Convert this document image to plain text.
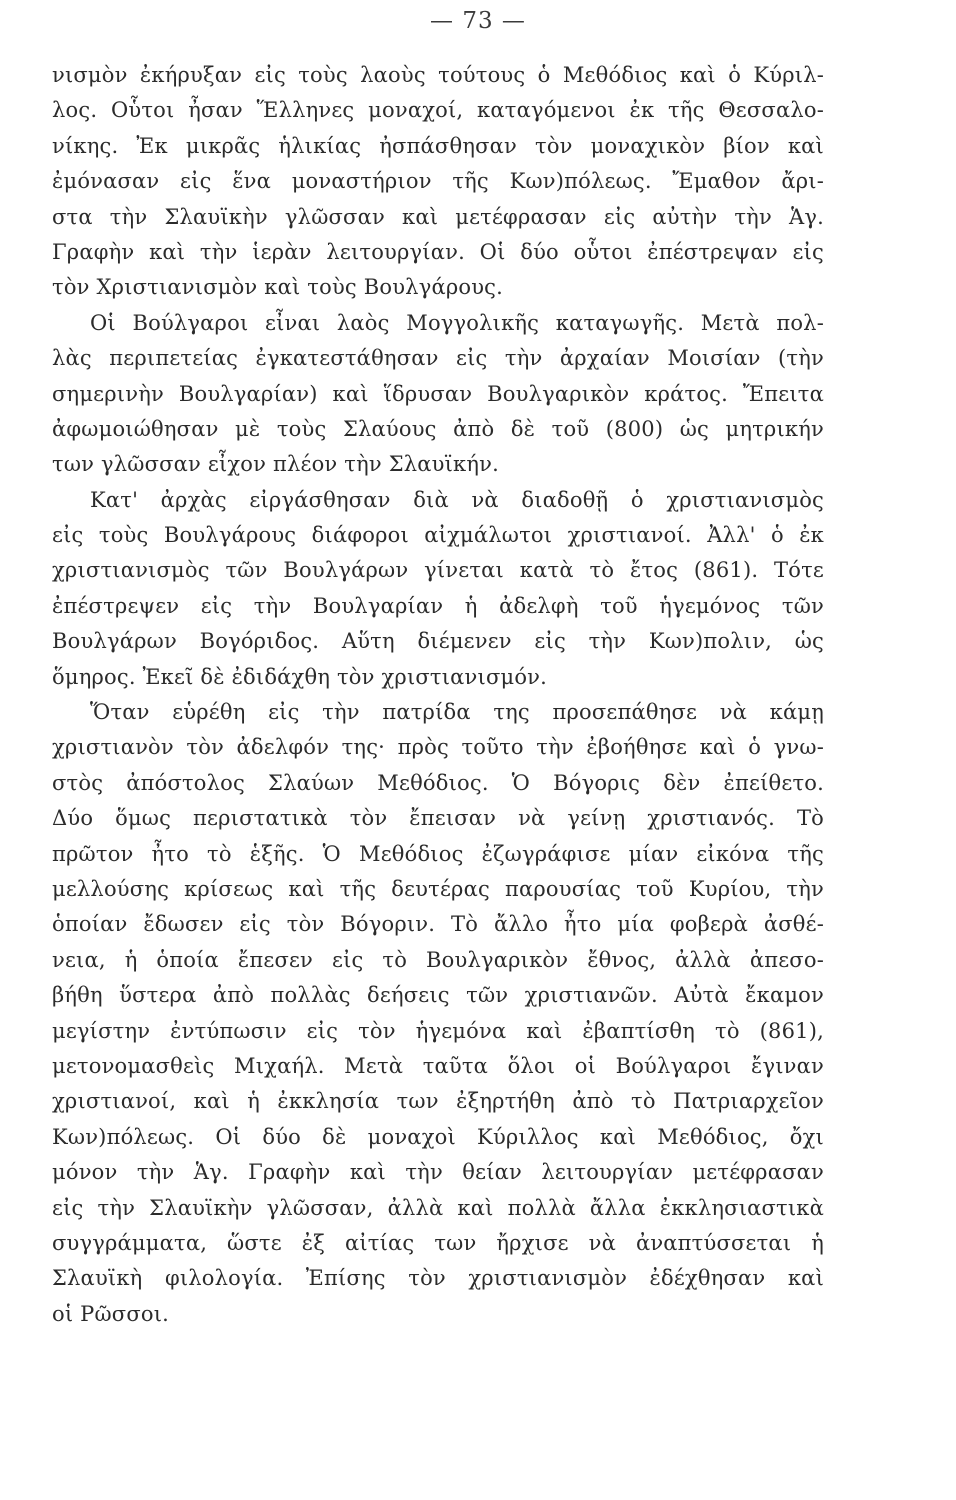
— 73 —
νισμὸν ἐκήρυξαν εἰς τοὺς λαοὺς τούτους ὁ Μεθόδιος καὶ ὁ Κύριλ-
λος. Οὗτοι ἦσαν Ἕλληνες μοναχοί, καταγόμενοι ἐκ τῆς Θεσσαλο-
νίκης. Ἐκ μικρᾶς ἡλικίας ἠσπάσθησαν τὸν μοναχικὸν βίον καὶ
ἐμόνασαν εἰς ἕνα μοναστήριον τῆς Κων)πόλεως. Ἔμαθον ἄρι-
στα τὴν Σλαυϊκὴν γλῶσσαν καὶ μετέφρασαν εἰς αὐτὴν τὴν Ἁγ.
Γραφὴν καὶ τὴν ἱερὰν λειτουργίαν. Οἱ δύο οὗτοι ἐπέστρεψαν εἰς
τὸν Χριστιανισμὸν καὶ τοὺς Βουλγάρους.
Οἱ Βούλγαροι εἶναι λαὸς Μογγολικῆς καταγωγῆς. Μετὰ πολ-
λὰς περιπετείας ἐγκατεστάθησαν εἰς τὴν ἀρχαίαν Μοισίαν (τὴν
σημερινὴν Βουλγαρίαν) καὶ ἵδρυσαν Βουλγαρικὸν κράτος. Ἔπειτα
ἀφωμοιώθησαν μὲ τοὺς Σλαύους ἀπὸ δὲ τοῦ (800) ὡς μητρικήν
των γλῶσσαν εἶχον πλέον τὴν Σλαυϊκήν.
Κατ' ἀρχὰς εἰργάσθησαν διὰ νὰ διαδοθῇ ὁ χριστιανισμὸς
εἰς τοὺς Βουλγάρους διάφοροι αἰχμάλωτοι χριστιανοί. Ἀλλ' ὁ ἐκ
χριστιανισμὸς τῶν Βουλγάρων γίνεται κατὰ τὸ ἔτος (861). Τότε
ἐπέστρεψεν εἰς τὴν Βουλγαρίαν ἡ ἀδελφὴ τοῦ ἡγεμόνος τῶν
Βουλγάρων Βογόριδος. Αὕτη διέμενεν εἰς τὴν Κων)πολιν, ὡς
ὅμηρος. Ἐκεῖ δὲ ἐδιδάχθη τὸν χριστιανισμόν.
Ὅταν εὑρέθη εἰς τὴν πατρίδα της προσεπάθησε νὰ κάμῃ
χριστιανὸν τὸν ἀδελφόν της· πρὸς τοῦτο τὴν ἐβοήθησε καὶ ὁ γνω-
στὸς ἀπόστολος Σλαύων Μεθόδιος. Ὁ Βόγορις δὲν ἐπείθετο.
Δύο ὅμως περιστατικὰ τὸν ἔπεισαν νὰ γείνῃ χριστιανός. Τὸ
πρῶτον ἦτο τὸ ἑξῆς. Ὁ Μεθόδιος ἐζωγράφισε μίαν εἰκόνα τῆς
μελλούσης κρίσεως καὶ τῆς δευτέρας παρουσίας τοῦ Κυρίου, τὴν
ὁποίαν ἔδωσεν εἰς τὸν Βόγοριν. Τὸ ἄλλο ἦτο μία φοβερὰ ἀσθέ-
νεια, ἡ ὁποία ἔπεσεν εἰς τὸ Βουλγαρικὸν ἔθνος, ἀλλὰ ἀπεσο-
βήθη ὕστερα ἀπὸ πολλὰς δεήσεις τῶν χριστιανῶν. Αὐτὰ ἔκαμον
μεγίστην ἐντύπωσιν εἰς τὸν ἡγεμόνα καὶ ἐβαπτίσθη τὸ (861),
μετονομασθεὶς Μιχαήλ. Μετὰ ταῦτα ὅλοι οἱ Βούλγαροι ἔγιναν
χριστιανοί, καὶ ἡ ἐκκλησία των ἐξηρτήθη ἀπὸ τὸ Πατριαρχεῖον
Κων)πόλεως. Οἱ δύο δὲ μοναχοὶ Κύριλλος καὶ Μεθόδιος, ὄχι
μόνον τὴν Ἁγ. Γραφὴν καὶ τὴν θείαν λειτουργίαν μετέφρασαν
εἰς τὴν Σλαυϊκὴν γλῶσσαν, ἀλλὰ καὶ πολλὰ ἄλλα ἐκκλησιαστικὰ
συγγράμματα, ὥστε ἐξ αἰτίας των ἤρχισε νὰ ἀναπτύσσεται ἡ
Σλαυϊκὴ φιλολογία. Ἐπίσης τὸν χριστιανισμὸν ἐδέχθησαν καὶ
οἱ Ρῶσσοι.
